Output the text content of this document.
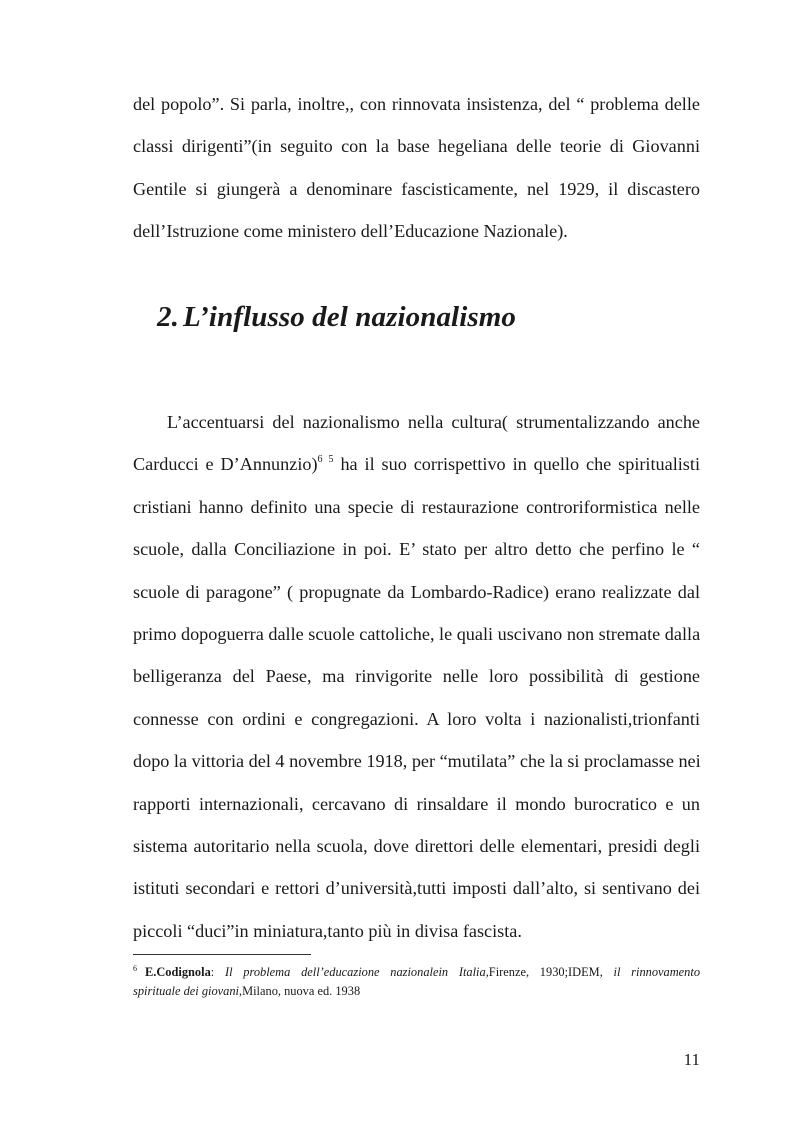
del popolo”. Si parla, inoltre,, con rinnovata insistenza, del “ problema delle
classi dirigenti”(in seguito con la base hegeliana delle teorie di Giovanni
Gentile si giungerà a denominare fascisticamente, nel 1929, il discastero
dell’Istruzione come ministero dell’Educazione Nazionale).
2. L’influsso del nazionalismo
L’accentuarsi del nazionalismo nella cultura( strumentalizzando anche
Carducci e D’Annunzio)$^6$ $^5$ ha il suo corrispettivo in quello che spiritualisti
cristiani hanno definito una specie di restaurazione controriformistica nelle
scuole, dalla Conciliazione in poi. E’ stato per altro detto che perfino le “
scuole di paragone” ( propugnate da Lombardo-Radice) erano realizzate dal
primo dopoguerra dalle scuole cattoliche, le quali uscivano non stremate dalla
belligeranza del Paese, ma rinvigorite nelle loro possibilità di gestione
connesse con ordini e congregazioni. A loro volta i nazionalisti,trionfanti
dopo la vittoria del 4 novembre 1918, per “mutilata” che la si proclamasse nei
rapporti internazionali, cercavano di rinsaldare il mondo burocratico e un
sistema autoritario nella scuola, dove direttori delle elementari, presidi degli
istituti secondari e rettori d’università,tutti imposti dall’alto, si sentivano dei
piccoli “duci”in miniatura,tanto più in divisa fascista.
$^6$ E.Codignola: Il problema dell’educazione nazionalein Italia,Firenze, 1930;IDEM, il rinnovamento
spirituale dei giovani,Milano, nuova ed. 1938

11
